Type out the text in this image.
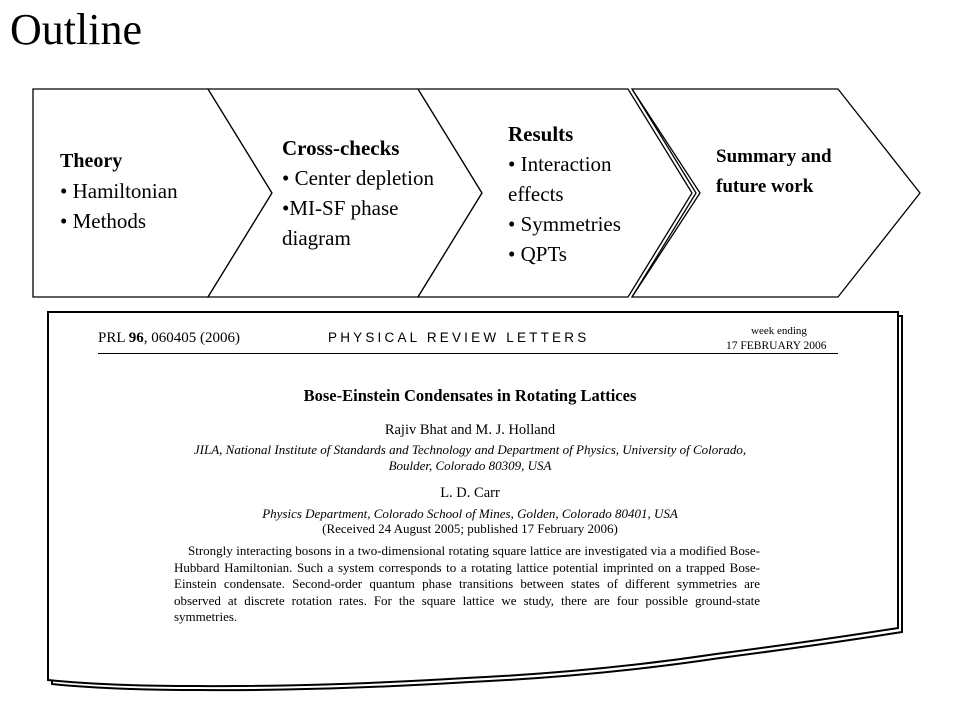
Outline
Theory
• Hamiltonian
• Methods
Cross-checks
• Center depletion
•MI-SF phase
diagram
Results
• Interaction
effects
• Symmetries
• QPTs
Summary and
future work
PRL 96, 060405 (2006)	PHYSICAL REVIEW LETTERS	week ending
17 FEBRUARY 2006
Bose-Einstein Condensates in Rotating Lattices
Rajiv Bhat and M. J. Holland
JILA, National Institute of Standards and Technology and Department of Physics, University of Colorado,
Boulder, Colorado 80309, USA
L. D. Carr
Physics Department, Colorado School of Mines, Golden, Colorado 80401, USA
(Received 24 August 2005; published 17 February 2006)
Strongly interacting bosons in a two-dimensional rotating square lattice are investigated via a modified Bose-Hubbard Hamiltonian. Such a system corresponds to a rotating lattice potential imprinted on a trapped Bose-Einstein condensate. Second-order quantum phase transitions between states of different symmetries are observed at discrete rotation rates. For the square lattice we study, there are four possible ground-state symmetries.
